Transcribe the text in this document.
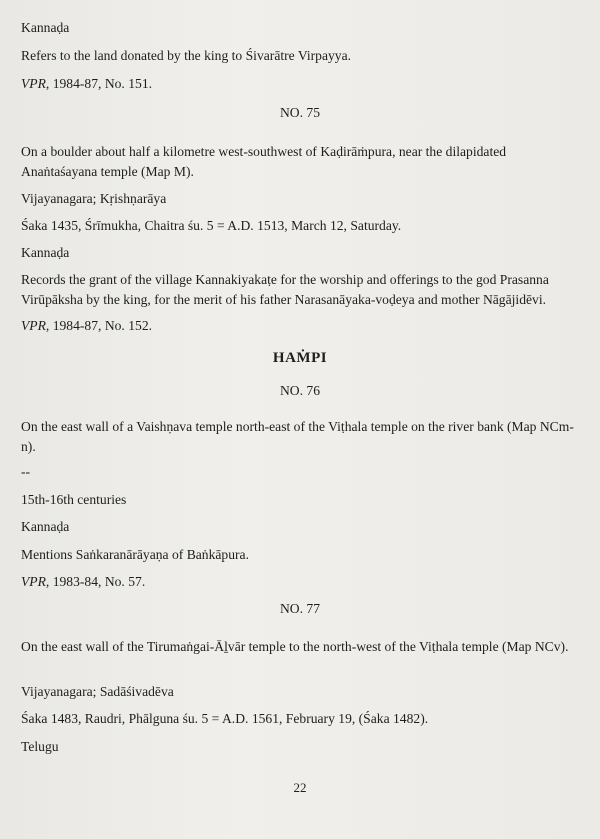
Kannaḍa
Refers to the land donated by the king to Śivarātre Virpayya.
VPR, 1984-87, No. 151.
NO. 75
On a boulder about half a kilometre west-southwest of Kaḍirāṁpura, near the dilapidated Anaṅtaśayana temple (Map M).
Vijayanagara; Kṛishṇarāya
Śaka 1435, Śrīmukha, Chaitra śu. 5 = A.D. 1513, March 12, Saturday.
Kannaḍa
Records the grant of the village Kannakiyakaṭe for the worship and offerings to the god Prasanna Virūpāksha by the king, for the merit of his father Narasanāyaka-voḍeya and mother Nāgājidēvi.
VPR, 1984-87, No. 152.
HAṀPI
NO. 76
On the east wall of a Vaishṇava temple north-east of the Viṭhala temple on the river bank (Map NCm-n).
--
15th-16th centuries
Kannaḍa
Mentions Saṅkaranārāyaṇa of Baṅkāpura.
VPR, 1983-84, No. 57.
NO. 77
On the east wall of the Tirumaṅgai-Āḻvār temple to the north-west of the Viṭhala temple (Map NCv).
Vijayanagara; Sadāśivadēva
Śaka 1483, Raudri, Phālguna śu. 5 = A.D. 1561, February 19, (Śaka 1482).
Telugu
22
